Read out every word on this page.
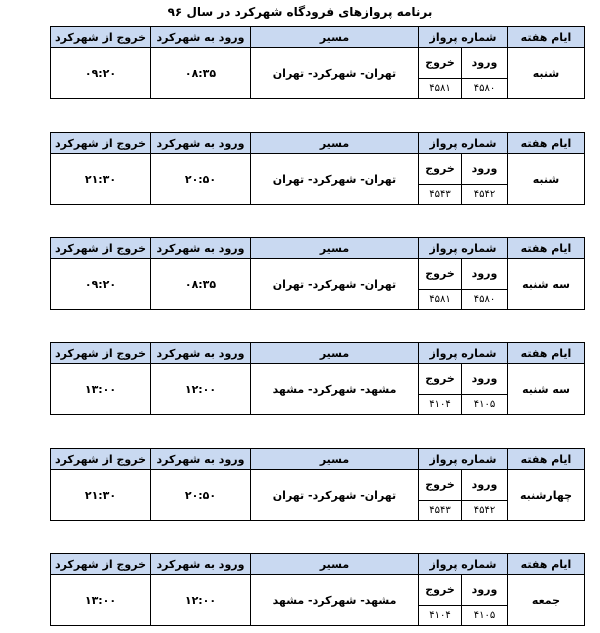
برنامه پروازهای فرودگاه شهرکرد در سال ۹۶
ایام هفته	شماره پرواز		مسیر	ورود به شهرکرد	خروج از شهرکرد
شنبه	ورود	خروج	تهران- شهرکرد- تهران	۰۸:۳۵	۰۹:۲۰
	۴۵۸۰	۴۵۸۱			
ایام هفته	شماره پرواز		مسیر	ورود به شهرکرد	خروج از شهرکرد
شنبه	ورود	خروج	تهران- شهرکرد- تهران	۲۰:۵۰	۲۱:۳۰
	۴۵۴۲	۴۵۴۳			
ایام هفته	شماره پرواز		مسیر	ورود به شهرکرد	خروج از شهرکرد
سه شنبه	ورود	خروج	تهران- شهرکرد- تهران	۰۸:۳۵	۰۹:۲۰
	۴۵۸۰	۴۵۸۱			
ایام هفته	شماره پرواز		مسیر	ورود به شهرکرد	خروج از شهرکرد
سه شنبه	ورود	خروج	مشهد- شهرکرد- مشهد	۱۲:۰۰	۱۳:۰۰
	۴۱۰۵	۴۱۰۴			
ایام هفته	شماره پرواز		مسیر	ورود به شهرکرد	خروج از شهرکرد
چهارشنبه	ورود	خروج	تهران- شهرکرد- تهران	۲۰:۵۰	۲۱:۳۰
	۴۵۴۲	۴۵۴۳			
ایام هفته	شماره پرواز		مسیر	ورود به شهرکرد	خروج از شهرکرد
جمعه	ورود	خروج	مشهد- شهرکرد- مشهد	۱۲:۰۰	۱۳:۰۰
	۴۱۰۵	۴۱۰۴			
